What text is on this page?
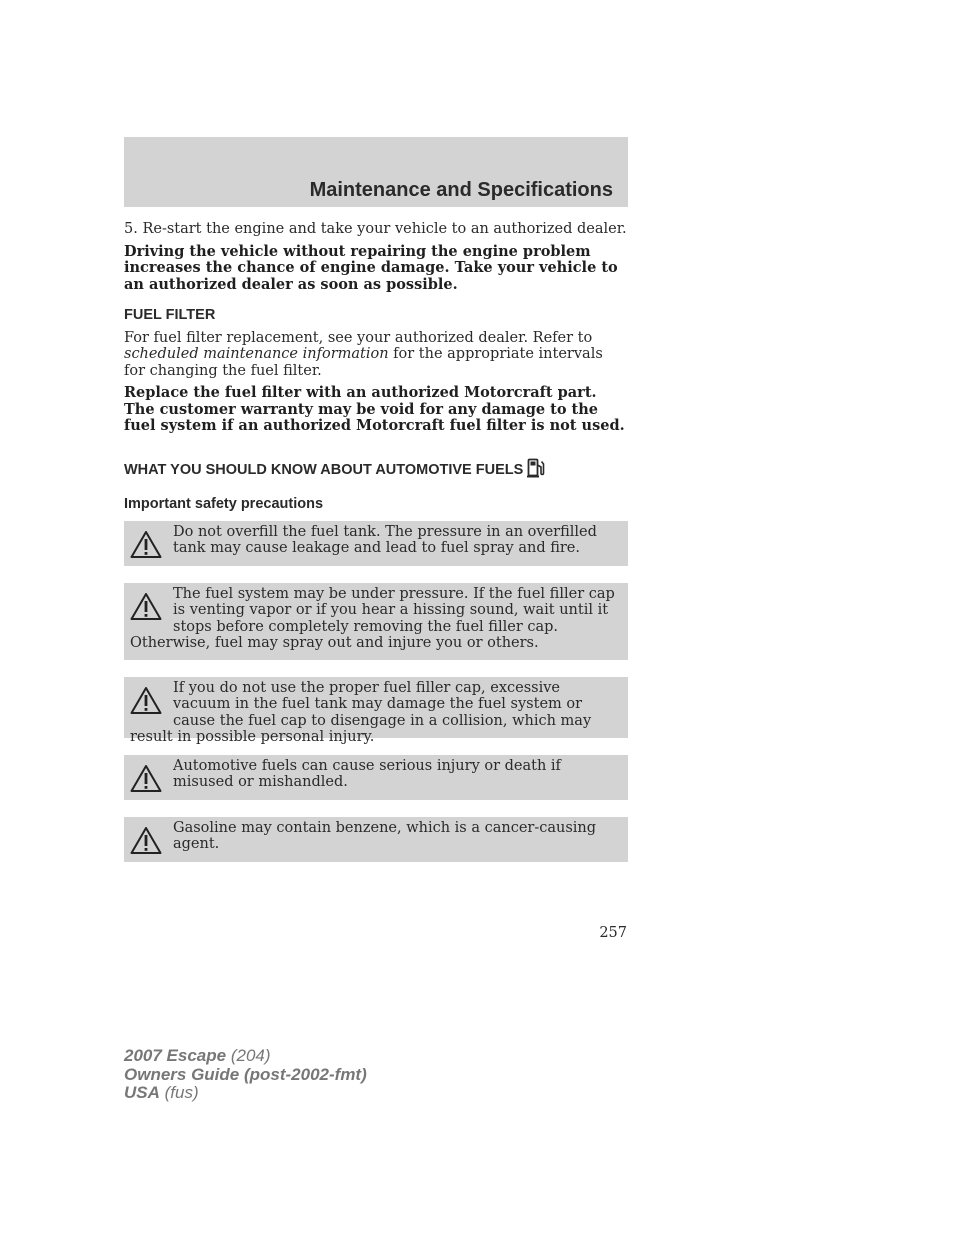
Maintenance and Specifications

5. Re-start the engine and take your vehicle to an authorized dealer.

Driving the vehicle without repairing the engine problem increases the chance of engine damage. Take your vehicle to an authorized dealer as soon as possible.

FUEL FILTER

For fuel filter replacement, see your authorized dealer. Refer to scheduled maintenance information for the appropriate intervals for changing the fuel filter.

Replace the fuel filter with an authorized Motorcraft part. The customer warranty may be void for any damage to the fuel system if an authorized Motorcraft fuel filter is not used.

WHAT YOU SHOULD KNOW ABOUT AUTOMOTIVE FUELS
Important safety precautions

Do not overfill the fuel tank. The pressure in an overfilled tank may cause leakage and lead to fuel spray and fire.

The fuel system may be under pressure. If the fuel filler cap is venting vapor or if you hear a hissing sound, wait until it stops before completely removing the fuel filler cap. Otherwise, fuel may spray out and injure you or others.

If you do not use the proper fuel filler cap, excessive vacuum in the fuel tank may damage the fuel system or cause the fuel cap to disengage in a collision, which may result in possible personal injury.

Automotive fuels can cause serious injury or death if misused or mishandled.

Gasoline may contain benzene, which is a cancer-causing agent.

257
2007 Escape (204)
Owners Guide (post-2002-fmt)
USA (fus)
